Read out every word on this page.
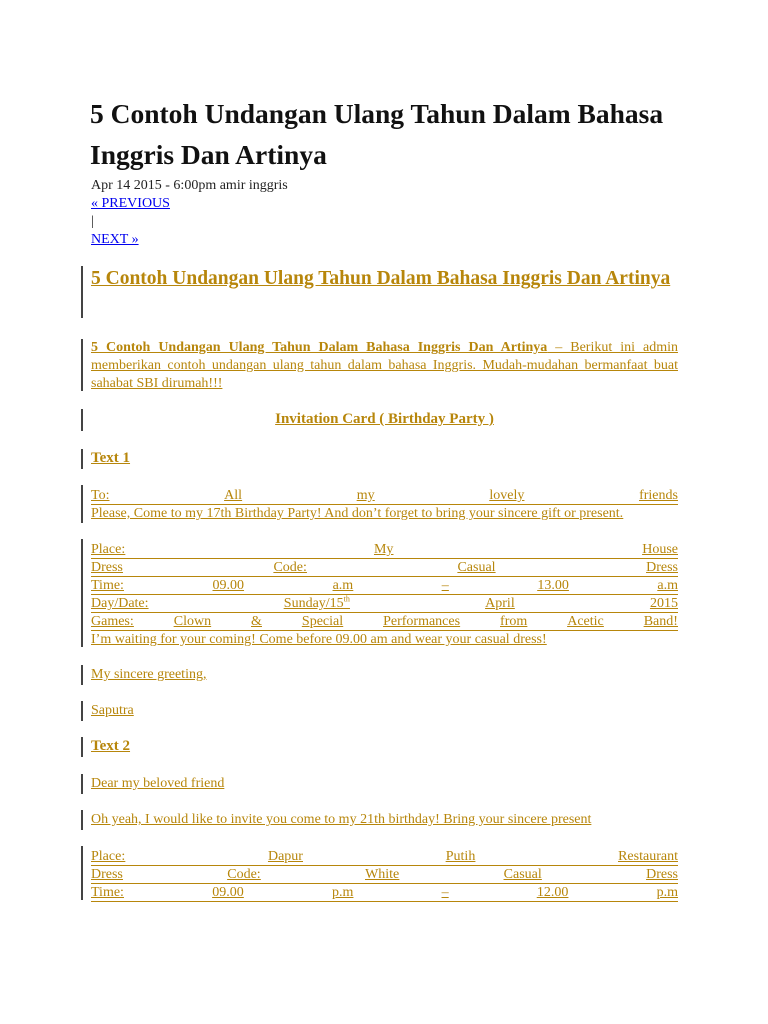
5 Contoh Undangan Ulang Tahun Dalam Bahasa Inggris Dan Artinya
Apr 14 2015 - 6:00pm amir inggris
« PREVIOUS
|
NEXT »
5 Contoh Undangan Ulang Tahun Dalam Bahasa Inggris Dan Artinya
5 Contoh Undangan Ulang Tahun Dalam Bahasa Inggris Dan Artinya – Berikut ini admin memberikan contoh undangan ulang tahun dalam bahasa Inggris. Mudah-mudahan bermanfaat buat sahabat SBI dirumah!!!
Invitation Card ( Birthday Party )
Text 1
To:	All	my	lovely	friends
Please, Come to my 17th Birthday Party! And don’t forget to bring your sincere gift or present.
Place:	My	House
Dress	Code:	Casual	Dress
Time:	09.00	a.m	–	13.00	a.m
Day/Date:	Sunday/15th	April	2015
Games:	Clown	&	Special	Performances	from	Acetic	Band!
I’m waiting for your coming! Come before 09.00 am and wear your casual dress!
My sincere greeting,
Saputra
Text 2
Dear my beloved friend
Oh yeah, I would like to invite you come to my 21th birthday! Bring your sincere present
Place:	Dapur	Putih	Restaurant
Dress	Code:	White	Casual	Dress
Time:	09.00	p.m	–	12.00	p.m
